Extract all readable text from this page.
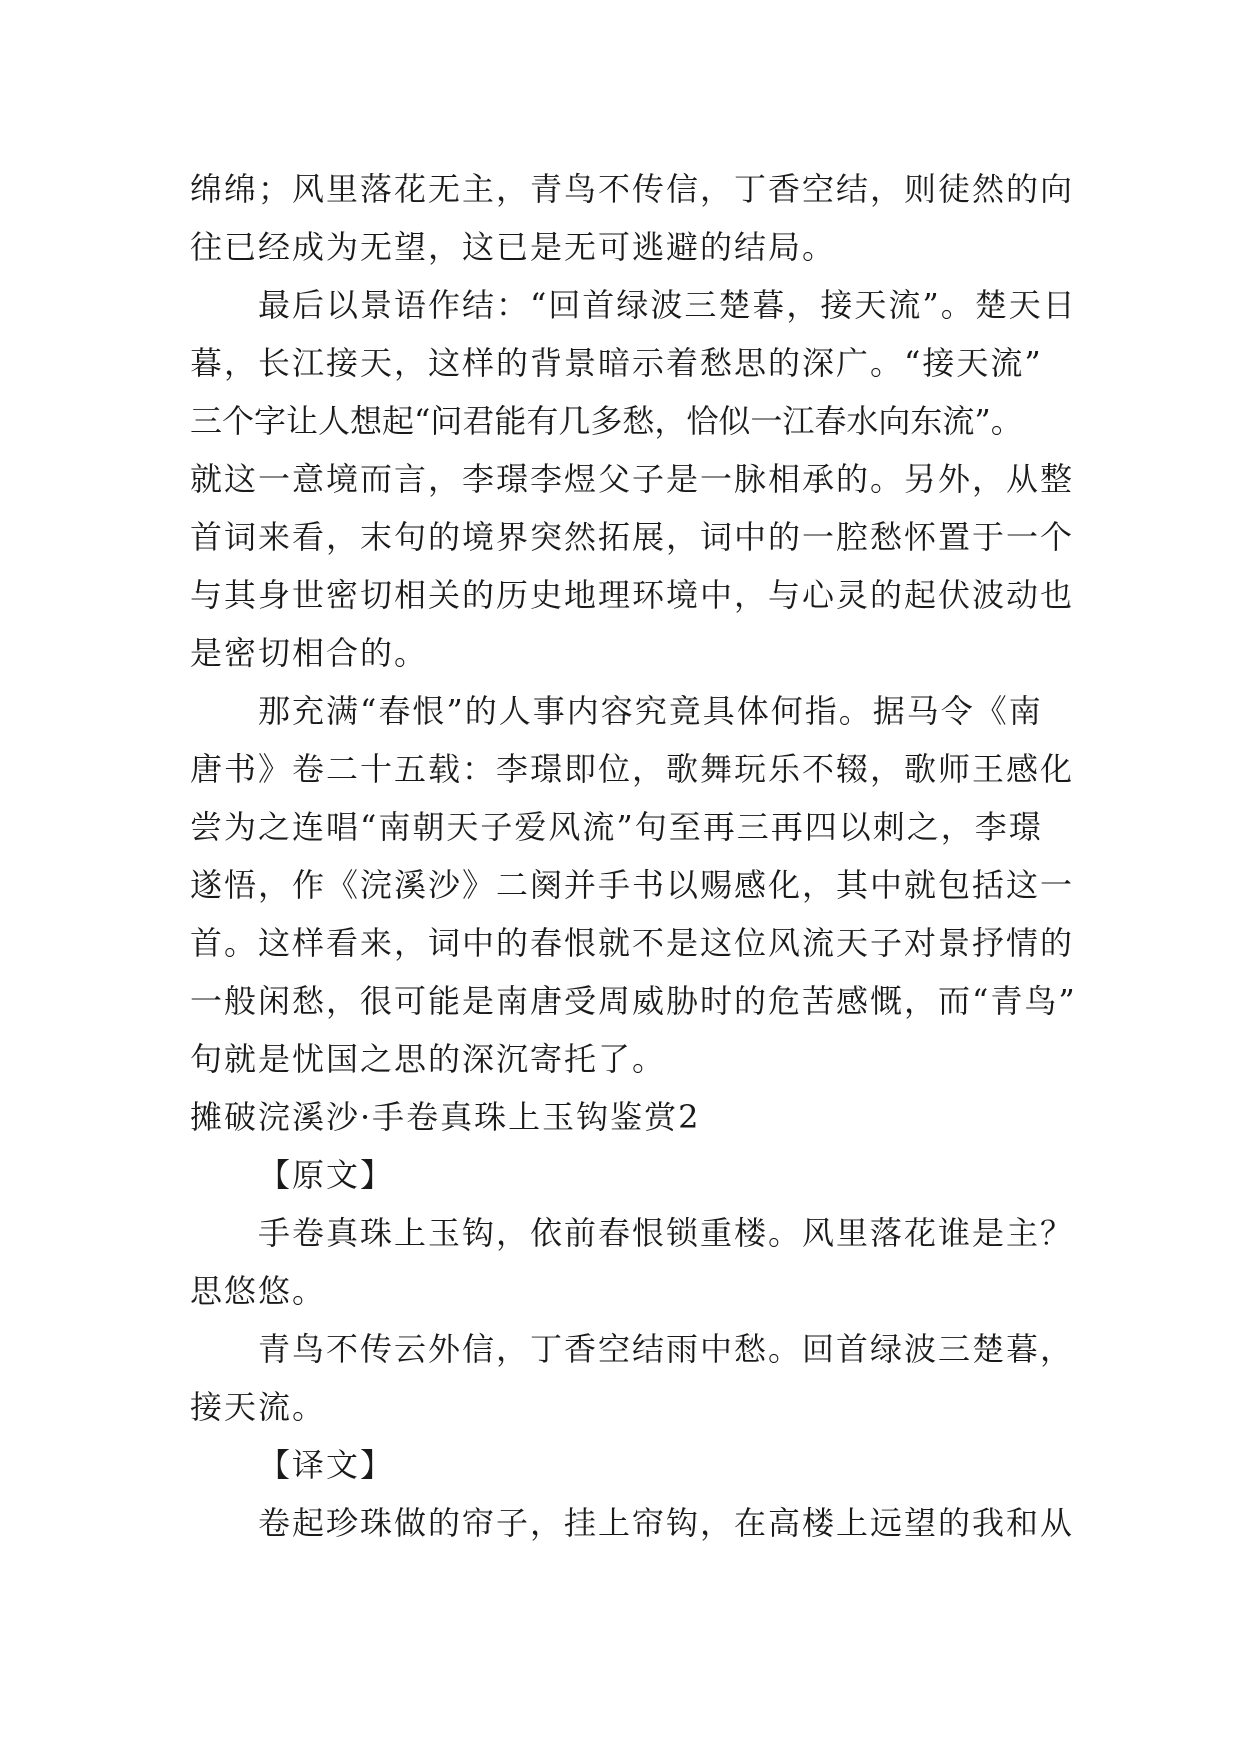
绵绵；风里落花无主，青鸟不传信，丁香空结，则徒然的向
往已经成为无望，这已是无可逃避的结局。
最后以景语作结：“回首绿波三楚暮，接天流”。楚天日
暮，长江接天，这样的背景暗示着愁思的深广。“接天流”
三个字让人想起“问君能有几多愁，恰似一江春水向东流”。
就这一意境而言，李璟李煜父子是一脉相承的。另外，从整
首词来看，末句的境界突然拓展，词中的一腔愁怀置于一个
与其身世密切相关的历史地理环境中，与心灵的起伏波动也
是密切相合的。
那充满“春恨”的人事内容究竟具体何指。据马令《南
唐书》卷二十五载：李璟即位，歌舞玩乐不辍，歌师王感化
尝为之连唱“南朝天子爱风流”句至再三再四以刺之，李璟
遂悟，作《浣溪沙》二阕并手书以赐感化，其中就包括这一
首。这样看来，词中的春恨就不是这位风流天子对景抒情的
一般闲愁，很可能是南唐受周威胁时的危苦感慨，而“青鸟”
句就是忧国之思的深沉寄托了。
摊破浣溪沙·手卷真珠上玉钩鉴赏2
【原文】
手卷真珠上玉钩，依前春恨锁重楼。风里落花谁是主？
思悠悠。
青鸟不传云外信，丁香空结雨中愁。回首绿波三楚暮，
接天流。
【译文】
卷起珍珠做的帘子，挂上帘钩，在高楼上远望的我和从
